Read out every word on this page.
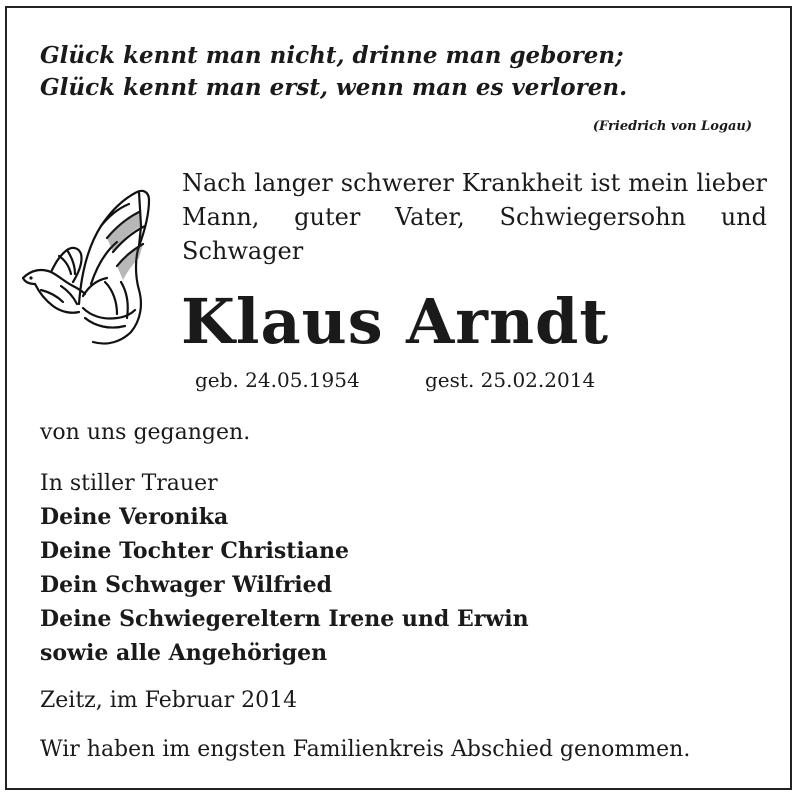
Glück kennt man nicht, drinne man geboren;
Glück kennt man erst, wenn man es verloren.
(Friedrich von Logau)
Nach langer schwerer Krankheit ist mein lieber Mann, guter Vater, Schwiegersohn und Schwager
Klaus Arndt
geb. 24.05.1954	gest. 25.02.2014
von uns gegangen.
In stiller Trauer
Deine Veronika
Deine Tochter Christiane
Dein Schwager Wilfried
Deine Schwiegereltern Irene und Erwin
sowie alle Angehörigen
Zeitz, im Februar 2014
Wir haben im engsten Familienkreis Abschied genommen.
